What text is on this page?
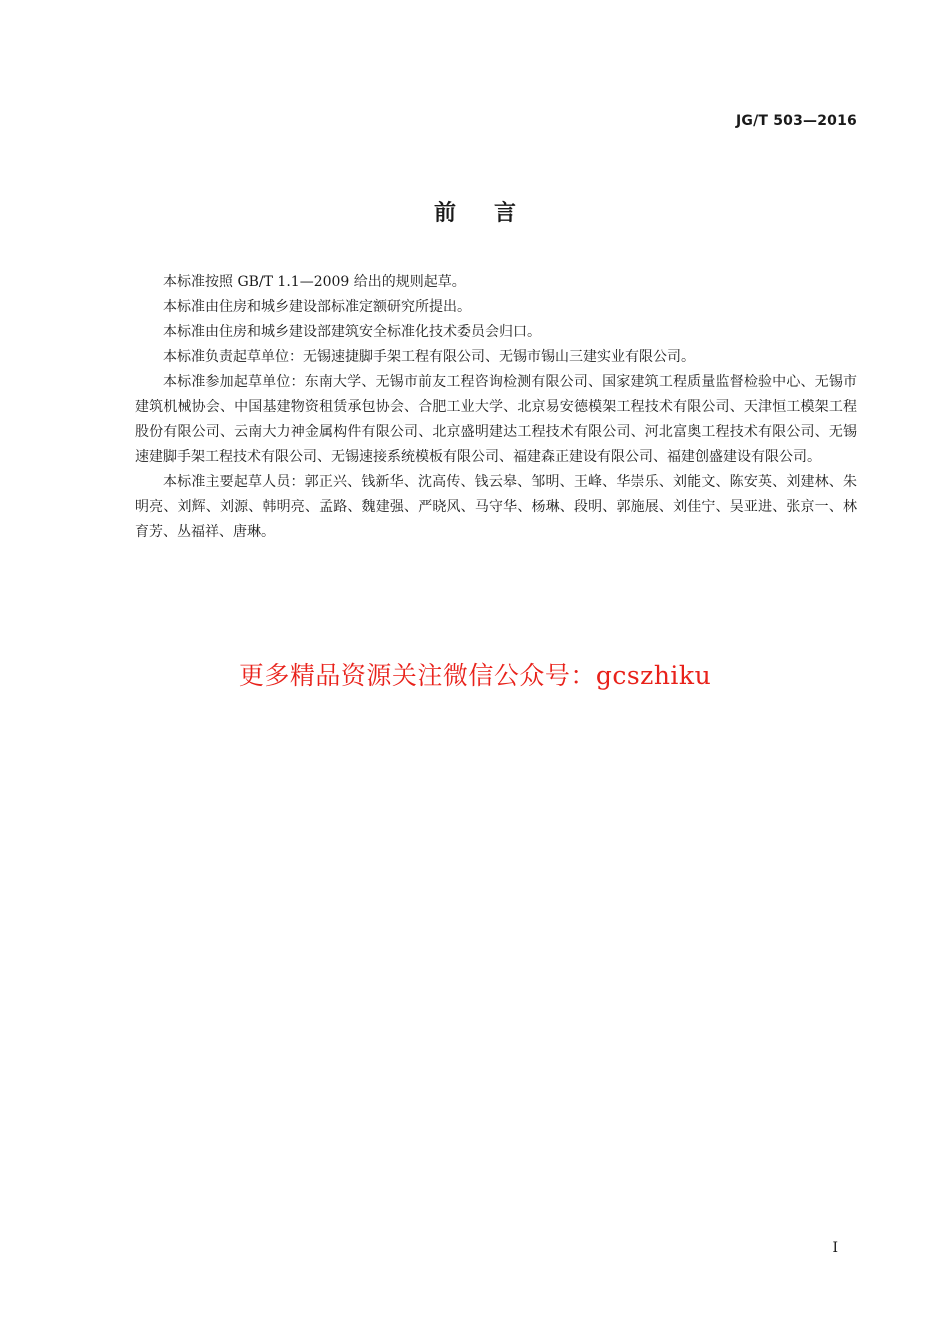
JG/T 503—2016
前言

本标准按照 GB/T 1.1—2009 给出的规则起草。

本标准由住房和城乡建设部标准定额研究所提出。

本标准由住房和城乡建设部建筑安全标准化技术委员会归口。

本标准负责起草单位：无锡速捷脚手架工程有限公司、无锡市锡山三建实业有限公司。

本标准参加起草单位：东南大学、无锡市前友工程咨询检测有限公司、国家建筑工程质量监督检验中心、无锡市建筑机械协会、中国基建物资租赁承包协会、合肥工业大学、北京易安德模架工程技术有限公司、天津恒工模架工程股份有限公司、云南大力神金属构件有限公司、北京盛明建达工程技术有限公司、河北富奥工程技术有限公司、无锡速建脚手架工程技术有限公司、无锡速接系统模板有限公司、福建森正建设有限公司、福建创盛建设有限公司。

本标准主要起草人员：郭正兴、钱新华、沈高传、钱云皋、邹明、王峰、华崇乐、刘能文、陈安英、刘建林、朱明亮、刘辉、刘源、韩明亮、孟路、魏建强、严晓风、马守华、杨琳、段明、郭施展、刘佳宁、吴亚进、张京一、林育芳、丛福祥、唐琳。

更多精品资源关注微信公众号：gcszhiku
I
